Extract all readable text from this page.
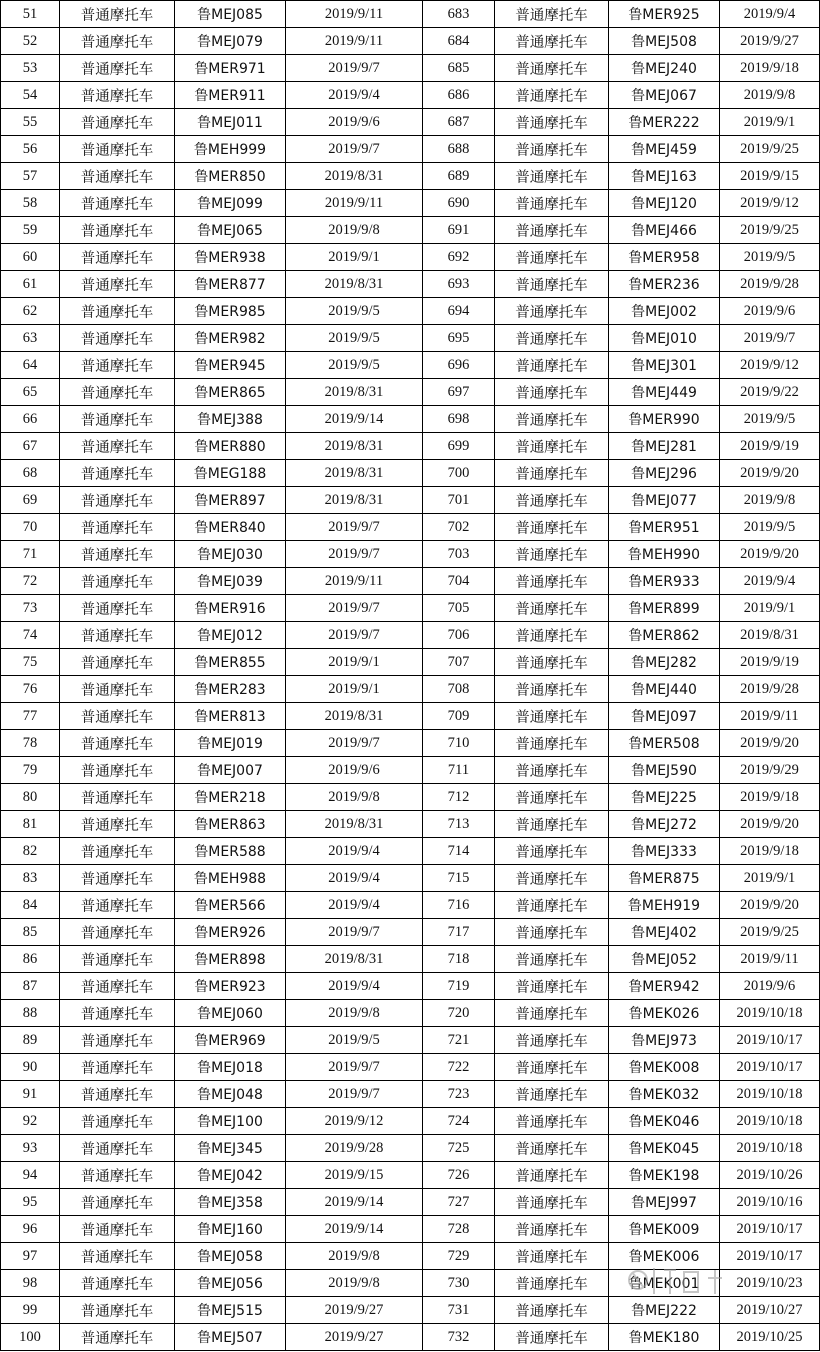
51	普通摩托车	鲁MEJ085	2019/9/11	683	普通摩托车	鲁MER925	2019/9/4
52	普通摩托车	鲁MEJ079	2019/9/11	684	普通摩托车	鲁MEJ508	2019/9/27
53	普通摩托车	鲁MER971	2019/9/7	685	普通摩托车	鲁MEJ240	2019/9/18
54	普通摩托车	鲁MER911	2019/9/4	686	普通摩托车	鲁MEJ067	2019/9/8
55	普通摩托车	鲁MEJ011	2019/9/6	687	普通摩托车	鲁MER222	2019/9/1
56	普通摩托车	鲁MEH999	2019/9/7	688	普通摩托车	鲁MEJ459	2019/9/25
57	普通摩托车	鲁MER850	2019/8/31	689	普通摩托车	鲁MEJ163	2019/9/15
58	普通摩托车	鲁MEJ099	2019/9/11	690	普通摩托车	鲁MEJ120	2019/9/12
59	普通摩托车	鲁MEJ065	2019/9/8	691	普通摩托车	鲁MEJ466	2019/9/25
60	普通摩托车	鲁MER938	2019/9/1	692	普通摩托车	鲁MER958	2019/9/5
61	普通摩托车	鲁MER877	2019/8/31	693	普通摩托车	鲁MER236	2019/9/28
62	普通摩托车	鲁MER985	2019/9/5	694	普通摩托车	鲁MEJ002	2019/9/6
63	普通摩托车	鲁MER982	2019/9/5	695	普通摩托车	鲁MEJ010	2019/9/7
64	普通摩托车	鲁MER945	2019/9/5	696	普通摩托车	鲁MEJ301	2019/9/12
65	普通摩托车	鲁MER865	2019/8/31	697	普通摩托车	鲁MEJ449	2019/9/22
66	普通摩托车	鲁MEJ388	2019/9/14	698	普通摩托车	鲁MER990	2019/9/5
67	普通摩托车	鲁MER880	2019/8/31	699	普通摩托车	鲁MEJ281	2019/9/19
68	普通摩托车	鲁MEG188	2019/8/31	700	普通摩托车	鲁MEJ296	2019/9/20
69	普通摩托车	鲁MER897	2019/8/31	701	普通摩托车	鲁MEJ077	2019/9/8
70	普通摩托车	鲁MER840	2019/9/7	702	普通摩托车	鲁MER951	2019/9/5
71	普通摩托车	鲁MEJ030	2019/9/7	703	普通摩托车	鲁MEH990	2019/9/20
72	普通摩托车	鲁MEJ039	2019/9/11	704	普通摩托车	鲁MER933	2019/9/4
73	普通摩托车	鲁MER916	2019/9/7	705	普通摩托车	鲁MER899	2019/9/1
74	普通摩托车	鲁MEJ012	2019/9/7	706	普通摩托车	鲁MER862	2019/8/31
75	普通摩托车	鲁MER855	2019/9/1	707	普通摩托车	鲁MEJ282	2019/9/19
76	普通摩托车	鲁MER283	2019/9/1	708	普通摩托车	鲁MEJ440	2019/9/28
77	普通摩托车	鲁MER813	2019/8/31	709	普通摩托车	鲁MEJ097	2019/9/11
78	普通摩托车	鲁MEJ019	2019/9/7	710	普通摩托车	鲁MER508	2019/9/20
79	普通摩托车	鲁MEJ007	2019/9/6	711	普通摩托车	鲁MEJ590	2019/9/29
80	普通摩托车	鲁MER218	2019/9/8	712	普通摩托车	鲁MEJ225	2019/9/18
81	普通摩托车	鲁MER863	2019/8/31	713	普通摩托车	鲁MEJ272	2019/9/20
82	普通摩托车	鲁MER588	2019/9/4	714	普通摩托车	鲁MEJ333	2019/9/18
83	普通摩托车	鲁MEH988	2019/9/4	715	普通摩托车	鲁MER875	2019/9/1
84	普通摩托车	鲁MER566	2019/9/4	716	普通摩托车	鲁MEH919	2019/9/20
85	普通摩托车	鲁MER926	2019/9/7	717	普通摩托车	鲁MEJ402	2019/9/25
86	普通摩托车	鲁MER898	2019/8/31	718	普通摩托车	鲁MEJ052	2019/9/11
87	普通摩托车	鲁MER923	2019/9/4	719	普通摩托车	鲁MER942	2019/9/6
88	普通摩托车	鲁MEJ060	2019/9/8	720	普通摩托车	鲁MEK026	2019/10/18
89	普通摩托车	鲁MER969	2019/9/5	721	普通摩托车	鲁MEJ973	2019/10/17
90	普通摩托车	鲁MEJ018	2019/9/7	722	普通摩托车	鲁MEK008	2019/10/17
91	普通摩托车	鲁MEJ048	2019/9/7	723	普通摩托车	鲁MEK032	2019/10/18
92	普通摩托车	鲁MEJ100	2019/9/12	724	普通摩托车	鲁MEK046	2019/10/18
93	普通摩托车	鲁MEJ345	2019/9/28	725	普通摩托车	鲁MEK045	2019/10/18
94	普通摩托车	鲁MEJ042	2019/9/15	726	普通摩托车	鲁MEK198	2019/10/26
95	普通摩托车	鲁MEJ358	2019/9/14	727	普通摩托车	鲁MEJ997	2019/10/16
96	普通摩托车	鲁MEJ160	2019/9/14	728	普通摩托车	鲁MEK009	2019/10/17
97	普通摩托车	鲁MEJ058	2019/9/8	729	普通摩托车	鲁MEK006	2019/10/17
98	普通摩托车	鲁MEJ056	2019/9/8	730	普通摩托车	鲁MEK001	2019/10/23
99	普通摩托车	鲁MEJ515	2019/9/27	731	普通摩托车	鲁MEJ222	2019/10/27
100	普通摩托车	鲁MEJ507	2019/9/27	732	普通摩托车	鲁MEK180	2019/10/25
